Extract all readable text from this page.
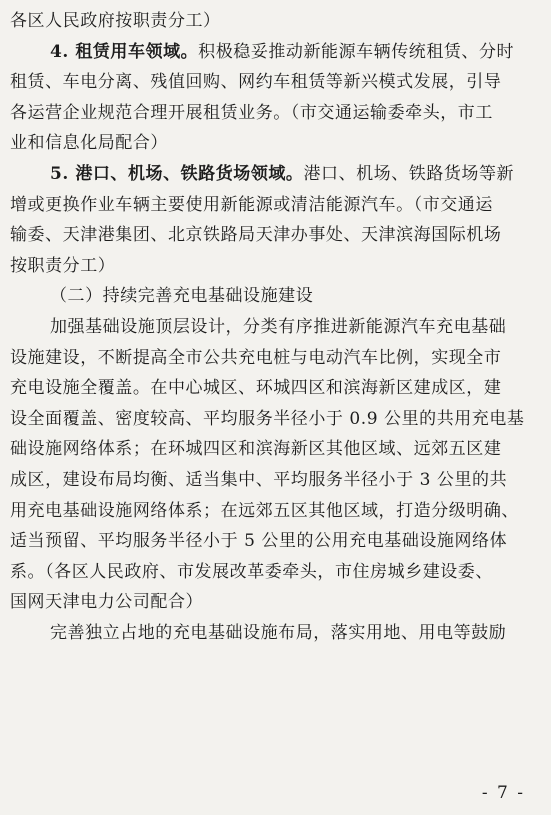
各区人民政府按职责分工）
4. 租赁用车领域。积极稳妥推动新能源车辆传统租赁、分时
租赁、车电分离、残值回购、网约车租赁等新兴模式发展，引导
各运营企业规范合理开展租赁业务。（市交通运输委牵头，市工
业和信息化局配合）
5. 港口、机场、铁路货场领域。港口、机场、铁路货场等新
增或更换作业车辆主要使用新能源或清洁能源汽车。（市交通运
输委、天津港集团、北京铁路局天津办事处、天津滨海国际机场
按职责分工）
（二）持续完善充电基础设施建设
加强基础设施顶层设计，分类有序推进新能源汽车充电基础
设施建设，不断提高全市公共充电桩与电动汽车比例，实现全市
充电设施全覆盖。在中心城区、环城四区和滨海新区建成区，建
设全面覆盖、密度较高、平均服务半径小于 0.9 公里的共用充电基
础设施网络体系；在环城四区和滨海新区其他区域、远郊五区建
成区，建设布局均衡、适当集中、平均服务半径小于 3 公里的共
用充电基础设施网络体系；在远郊五区其他区域，打造分级明确、
适当预留、平均服务半径小于 5 公里的公用充电基础设施网络体
系。（各区人民政府、市发展改革委牵头，市住房城乡建设委、
国网天津电力公司配合）
完善独立占地的充电基础设施布局，落实用地、用电等鼓励
- 7 -
